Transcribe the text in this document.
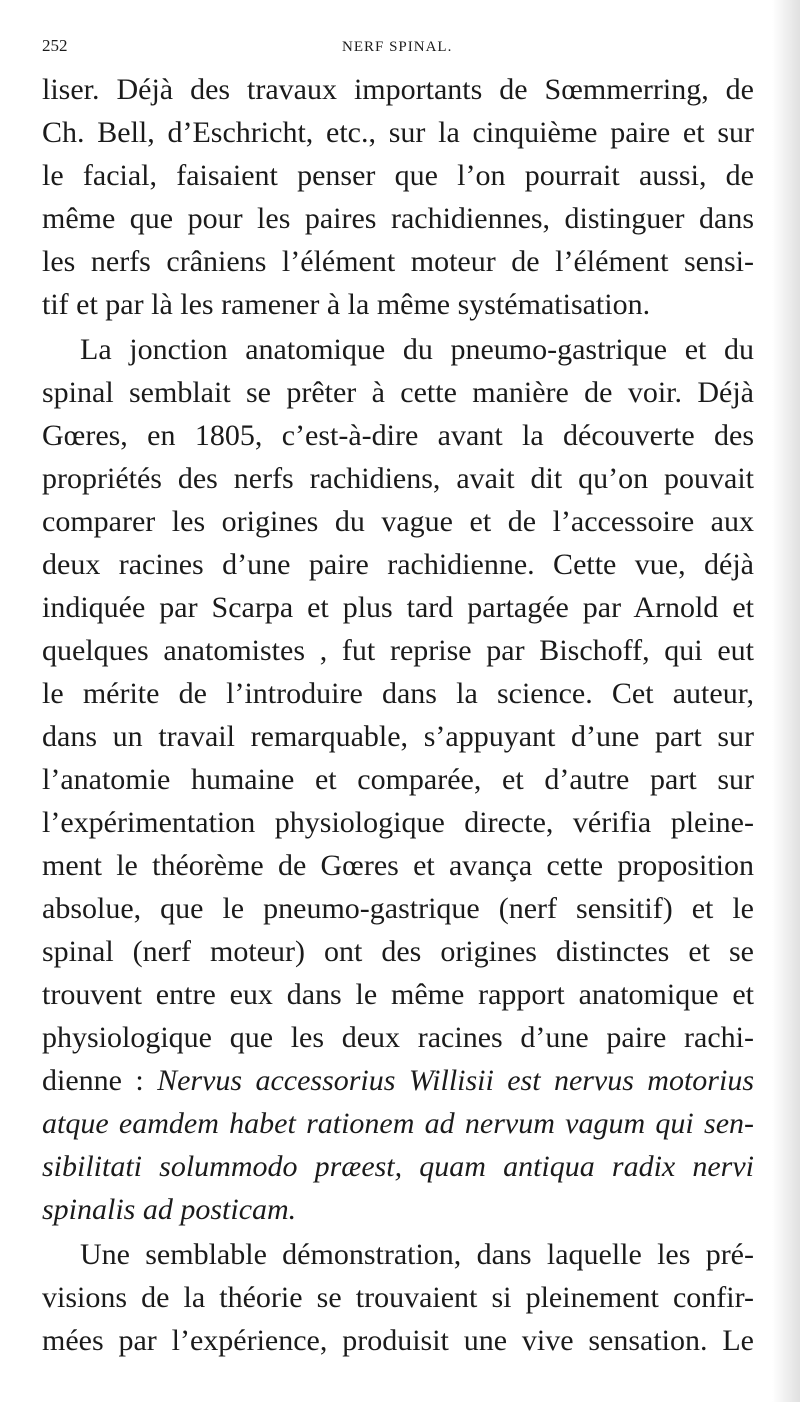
252	NERF SPINAL.
liser. Déjà des travaux importants de Sœmmerring, de
Ch. Bell, d’Eschricht, etc., sur la cinquième paire et sur
le facial, faisaient penser que l’on pourrait aussi, de
même que pour les paires rachidiennes, distinguer dans
les nerfs crâniens l’élément moteur de l’élément sensi-
tif et par là les ramener à la même systématisation.
La jonction anatomique du pneumo-gastrique et du
spinal semblait se prêter à cette manière de voir. Déjà
Gœres, en 1805, c’est-à-dire avant la découverte des
propriétés des nerfs rachidiens, avait dit qu’on pouvait
comparer les origines du vague et de l’accessoire aux
deux racines d’une paire rachidienne. Cette vue, déjà
indiquée par Scarpa et plus tard partagée par Arnold et
quelques anatomistes , fut reprise par Bischoff, qui eut
le mérite de l’introduire dans la science. Cet auteur,
dans un travail remarquable, s’appuyant d’une part sur
l’anatomie humaine et comparée, et d’autre part sur
l’expérimentation physiologique directe, vérifia pleine-
ment le théorème de Gœres et avança cette proposition
absolue, que le pneumo-gastrique (nerf sensitif) et le
spinal (nerf moteur) ont des origines distinctes et se
trouvent entre eux dans le même rapport anatomique et
physiologique que les deux racines d’une paire rachi-
dienne : Nervus accessorius Willisii est nervus motorius
atque eamdem habet rationem ad nervum vagum qui sen-
sibilitati solummodo præest, quam antiqua radix nervi
spinalis ad posticam.
Une semblable démonstration, dans laquelle les pré-
visions de la théorie se trouvaient si pleinement confir-
mées par l’expérience, produisit une vive sensation. Le
